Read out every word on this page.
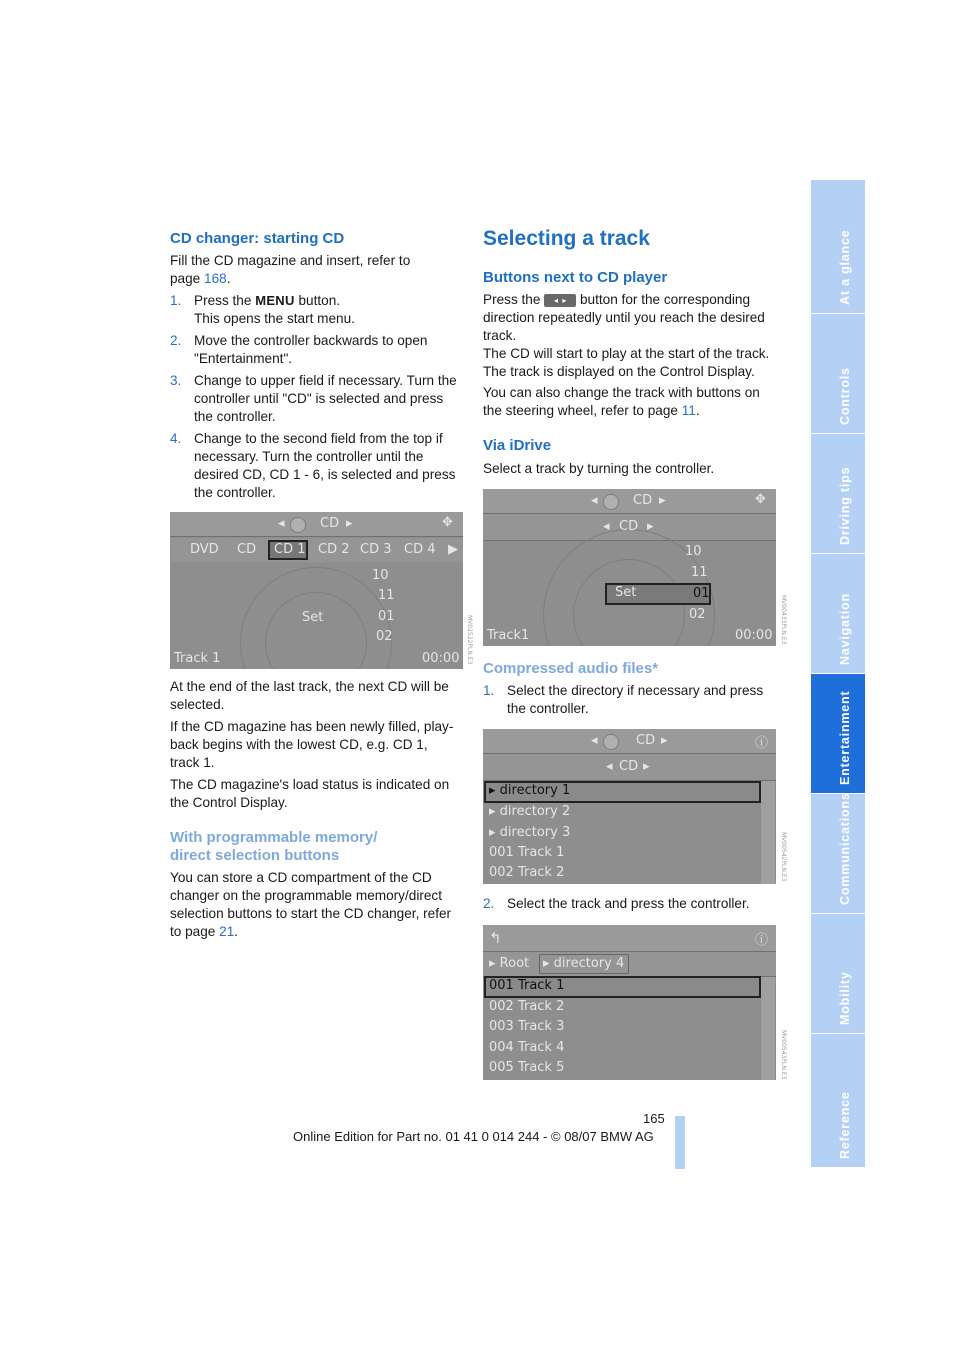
CD changer: starting CD
Fill the CD magazine and insert, refer to
page 168.
1. Press the MENU button.
This opens the start menu.
2. Move the controller backwards to open
"Entertainment".
3. Change to upper field if necessary. Turn the
controller until "CD" is selected and press
the controller.
4. Change to the second field from the top if
necessary. Turn the controller until the
desired CD, CD 1 - 6, is selected and press
the controller.
◂	CD ▸	✥
DVD CD CD 1 CD 2 CD 3 CD 4 ▶
10
11
01
Set
02
Track 1	00:00 MV02522PLN.E3
At the end of the last track, the next CD will be
selected.
If the CD magazine has been newly filled, play-
back begins with the lowest CD, e.g. CD 1,
track 1.
The CD magazine's load status is indicated on
the Control Display.
With programmable memory/
direct selection buttons
You can store a CD compartment of the CD
changer on the programmable memory/direct
selection buttons to start the CD changer, refer
to page 21.
Selecting a track
Buttons next to CD player
Press the ◂  ▸ button for the corresponding
direction repeatedly until you reach the desired
track.
The CD will start to play at the start of the track.
The track is displayed on the Control Display.
You can also change the track with buttons on
the steering wheel, refer to page 11.
Via iDrive
Select a track by turning the controller.
◂	CD ▸	✥
◂ CD ▸
10
11
Set	01
02
Track1	00:00 MV00433PLN.E3
Compressed audio files*
1. Select the directory if necessary and press
the controller.
◂	CD ▸	ⓘ
◂ CD ▸
▸ directory 1
▸ directory 2
▸ directory 3
001 Track 1
002 Track 2	MV00542PLN.E3
2. Select the track and press the controller.
↰	ⓘ
▸ Root ▸ directory 4
001 Track 1
002 Track 2
003 Track 3
004 Track 4
005 Track 5	MV00543PLN.E3
165
Online Edition for Part no. 01 41 0 014 244 - © 08/07 BMW AG
At a glance
Controls
Driving tips
Navigation
Entertainment
Communications
Mobility
Reference
